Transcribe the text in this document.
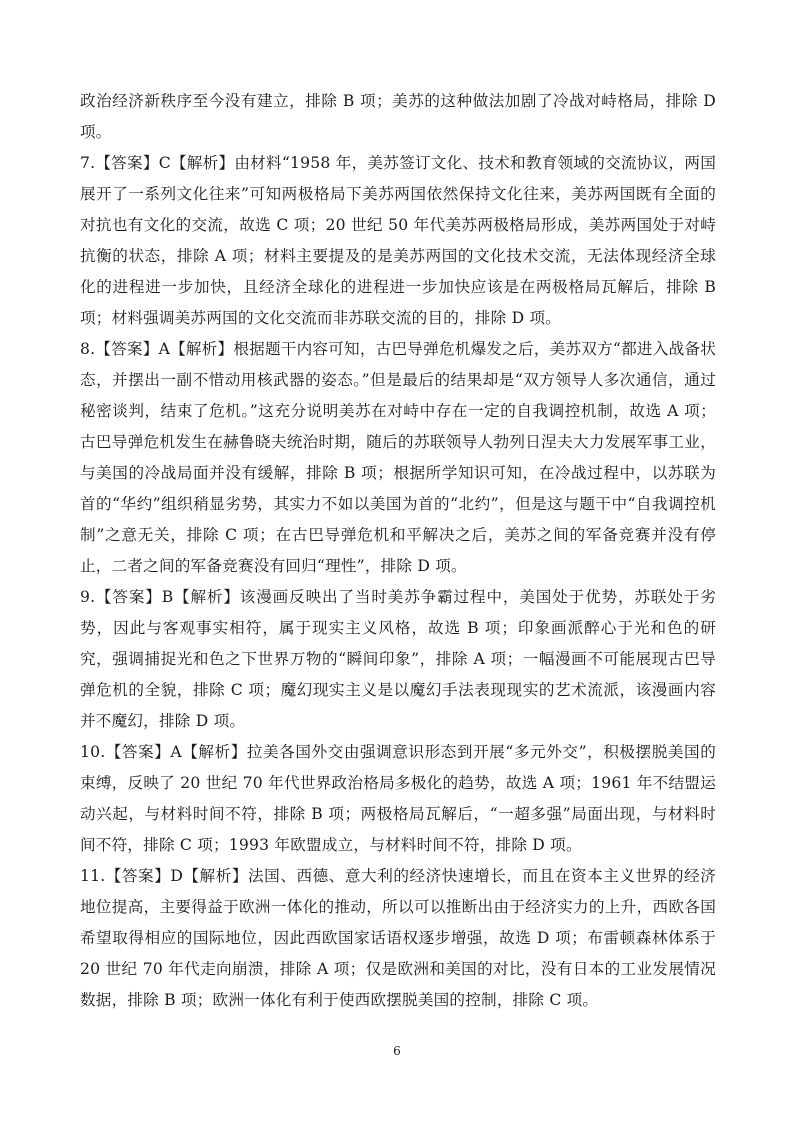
政治经济新秩序至今没有建立，排除 B 项；美苏的这种做法加剧了冷战对峙格局，排除 D 项。

7.【答案】C【解析】由材料“1958 年，美苏签订文化、技术和教育领域的交流协议，两国展开了一系列文化往来”可知两极格局下美苏两国依然保持文化往来，美苏两国既有全面的对抗也有文化的交流，故选 C 项；20 世纪 50 年代美苏两极格局形成，美苏两国处于对峙抗衡的状态，排除 A 项；材料主要提及的是美苏两国的文化技术交流，无法体现经济全球化的进程进一步加快，且经济全球化的进程进一步加快应该是在两极格局瓦解后，排除 B 项；材料强调美苏两国的文化交流而非苏联交流的目的，排除 D 项。

8.【答案】A【解析】根据题干内容可知，古巴导弹危机爆发之后，美苏双方“都进入战备状态，并摆出一副不惜动用核武器的姿态。”但是最后的结果却是“双方领导人多次通信，通过秘密谈判，结束了危机。”这充分说明美苏在对峙中存在一定的自我调控机制，故选 A 项；古巴导弹危机发生在赫鲁晓夫统治时期，随后的苏联领导人勃列日涅夫大力发展军事工业，与美国的冷战局面并没有缓解，排除 B 项；根据所学知识可知，在冷战过程中，以苏联为首的“华约”组织稍显劣势，其实力不如以美国为首的“北约”，但是这与题干中“自我调控机制”之意无关，排除 C 项；在古巴导弹危机和平解决之后，美苏之间的军备竞赛并没有停止，二者之间的军备竞赛没有回归“理性”，排除 D 项。

9.【答案】B【解析】该漫画反映出了当时美苏争霸过程中，美国处于优势，苏联处于劣势，因此与客观事实相符，属于现实主义风格，故选 B 项；印象画派醉心于光和色的研究，强调捕捉光和色之下世界万物的“瞬间印象”，排除 A 项；一幅漫画不可能展现古巴导弹危机的全貌，排除 C 项；魔幻现实主义是以魔幻手法表现现实的艺术流派，该漫画内容并不魔幻，排除 D 项。

10.【答案】A【解析】拉美各国外交由强调意识形态到开展“多元外交”，积极摆脱美国的束缚，反映了 20 世纪 70 年代世界政治格局多极化的趋势，故选 A 项；1961 年不结盟运动兴起，与材料时间不符，排除 B 项；两极格局瓦解后，“一超多强”局面出现，与材料时间不符，排除 C 项；1993 年欧盟成立，与材料时间不符，排除 D 项。

11.【答案】D【解析】法国、西德、意大利的经济快速增长，而且在资本主义世界的经济地位提高，主要得益于欧洲一体化的推动，所以可以推断出由于经济实力的上升，西欧各国希望取得相应的国际地位，因此西欧国家话语权逐步增强，故选 D 项；布雷顿森林体系于 20 世纪 70 年代走向崩溃，排除 A 项；仅是欧洲和美国的对比，没有日本的工业发展情况数据，排除 B 项；欧洲一体化有利于使西欧摆脱美国的控制，排除 C 项。

6
